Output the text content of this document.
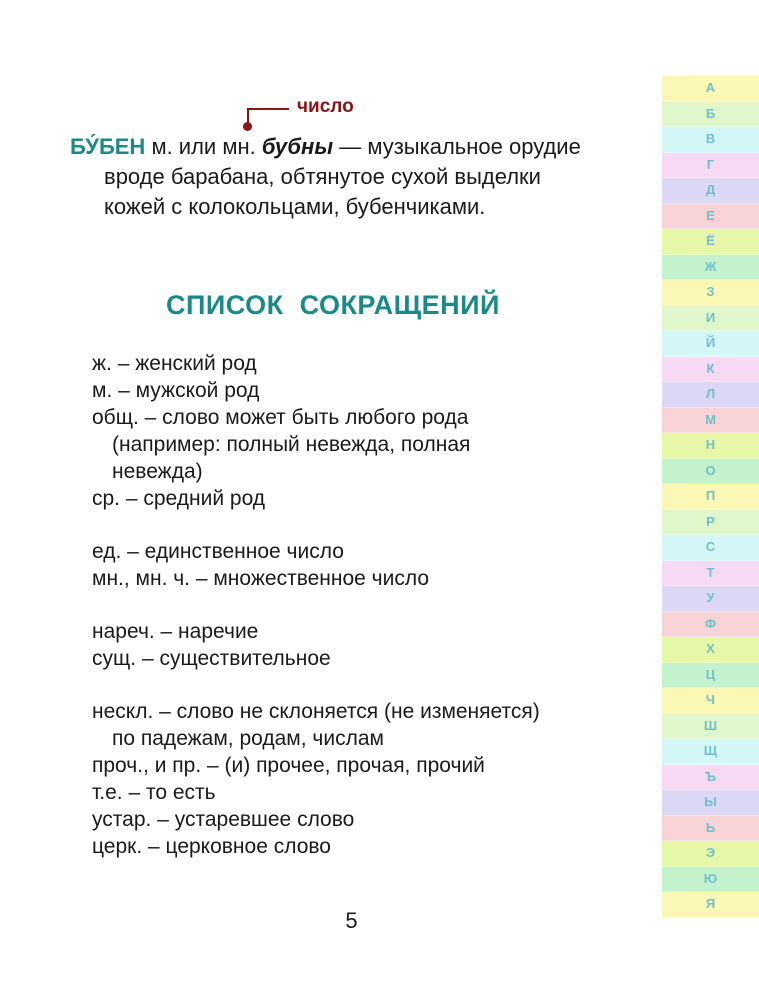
число
БУ́БЕН м. или мн. бубны — музыкальное орудие
вроде барабана, обтянутое сухой выделки
кожей с колокольцами, бубенчиками.
СПИСОК  СОКРАЩЕНИЙ
ж. – женский род
м. – мужской род
общ. – слово может быть любого рода
(например: полный невежда, полная
невежда)
ср. – средний род
ед. – единственное число
мн., мн. ч. – множественное число
нареч. – наречие
сущ. – существительное
нескл. – слово не склоняется (не изменяется)
по падежам, родам, числам
проч., и пр. – (и) прочее, прочая, прочий
т.е. – то есть
устар. – устаревшее слово
церк. – церковное слово
5
А
Б
В
Г
Д
Е
Ё
Ж
З
И
Й
К
Л
М
Н
О
П
Р
С
Т
У
Ф
Х
Ц
Ч
Ш
Щ
Ъ
Ы
Ь
Э
Ю
Я
